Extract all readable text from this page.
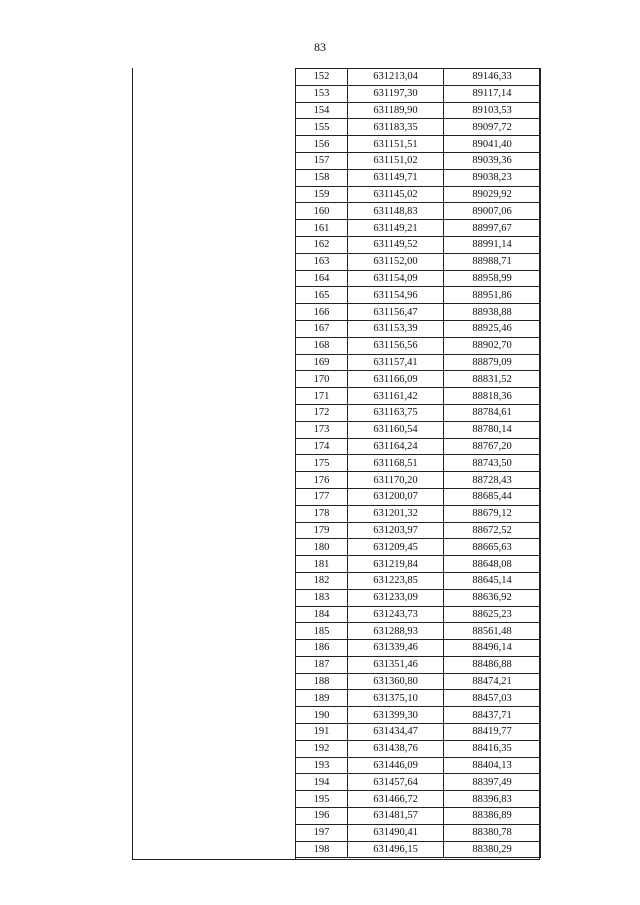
83
152	631213,04	89146,33
153	631197,30	89117,14
154	631189,90	89103,53
155	631183,35	89097,72
156	631151,51	89041,40
157	631151,02	89039,36
158	631149,71	89038,23
159	631145,02	89029,92
160	631148,83	89007,06
161	631149,21	88997,67
162	631149,52	88991,14
163	631152,00	88988,71
164	631154,09	88958,99
165	631154,96	88951,86
166	631156,47	88938,88
167	631153,39	88925,46
168	631156,56	88902,70
169	631157,41	88879,09
170	631166,09	88831,52
171	631161,42	88818,36
172	631163,75	88784,61
173	631160,54	88780,14
174	631164,24	88767,20
175	631168,51	88743,50
176	631170,20	88728,43
177	631200,07	88685,44
178	631201,32	88679,12
179	631203,97	88672,52
180	631209,45	88665,63
181	631219,84	88648,08
182	631223,85	88645,14
183	631233,09	88636,92
184	631243,73	88625,23
185	631288,93	88561,48
186	631339,46	88496,14
187	631351,46	88486,88
188	631360,80	88474,21
189	631375,10	88457,03
190	631399,30	88437,71
191	631434,47	88419,77
192	631438,76	88416,35
193	631446,09	88404,13
194	631457,64	88397,49
195	631466,72	88396,83
196	631481,57	88386,89
197	631490,41	88380,78
198	631496,15	88380,29
